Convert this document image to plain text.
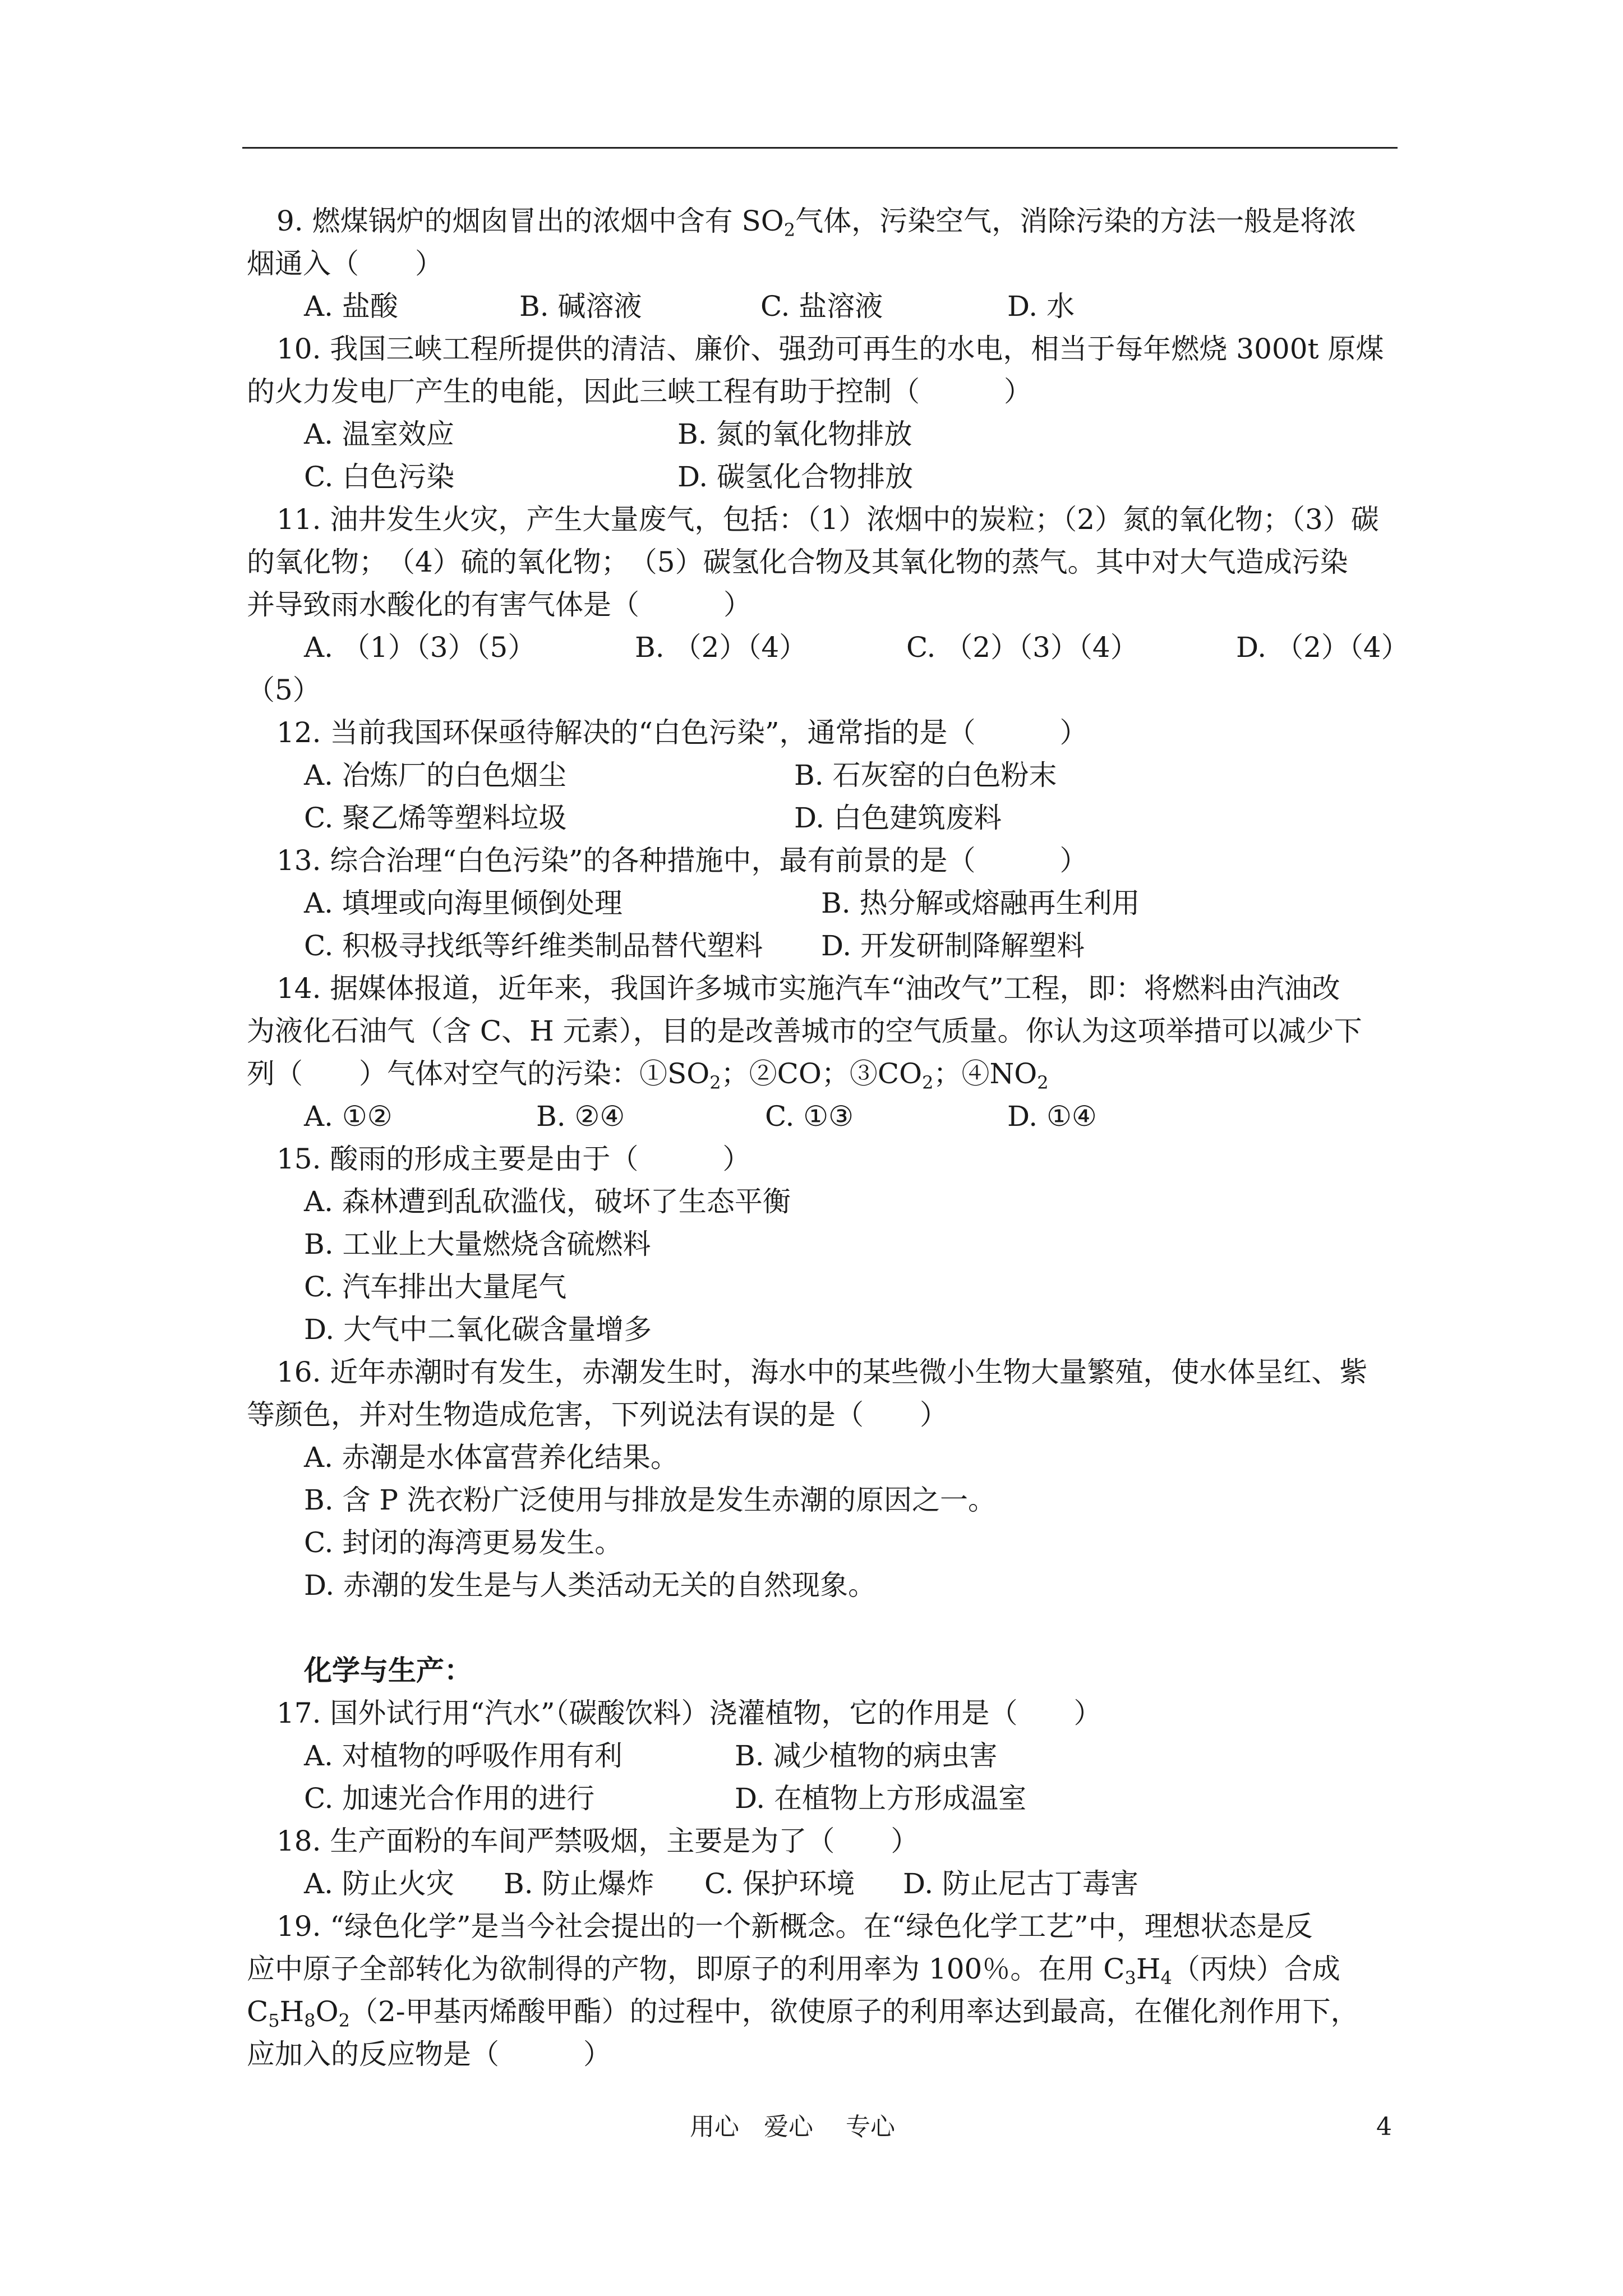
9. 燃煤锅炉的烟囱冒出的浓烟中含有 $SO_2$气体，污染空气，消除污染的方法一般是将浓
烟通入（　　）
A. 盐酸	B. 碱溶液	C. 盐溶液	D. 水
10. 我国三峡工程所提供的清洁、廉价、强劲可再生的水电，相当于每年燃烧 3000t 原煤
的火力发电厂产生的电能，因此三峡工程有助于控制（　　　）
A. 温室效应	B. 氮的氧化物排放
C. 白色污染	D. 碳氢化合物排放
11. 油井发生火灾，产生大量废气，包括：（1）浓烟中的炭粒；（2）氮的氧化物；（3）碳
的氧化物；　（4）硫的氧化物；　（5）碳氢化合物及其氧化物的蒸气。其中对大气造成污染
并导致雨水酸化的有害气体是（　　　）
A. （1）（3）（5）	B. （2）（4）	C. （2）（3）（4）	D. （2）（4）
（5）
12. 当前我国环保亟待解决的“白色污染”，通常指的是（　　　）
A. 冶炼厂的白色烟尘	B. 石灰窑的白色粉末
C. 聚乙烯等塑料垃圾	D. 白色建筑废料
13. 综合治理“白色污染”的各种措施中，最有前景的是（　　　）
A. 填埋或向海里倾倒处理	B. 热分解或熔融再生利用
C. 积极寻找纸等纤维类制品替代塑料 D. 开发研制降解塑料
14. 据媒体报道，近年来，我国许多城市实施汽车“油改气”工程，即：将燃料由汽油改
为液化石油气（含 C、H 元素），目的是改善城市的空气质量。你认为这项举措可以减少下
列（　　）气体对空气的污染：$①SO_2$；②CO；$③CO_2$；$④NO_2$
A. ①②	B. ②④	C. ①③	D. ①④
15. 酸雨的形成主要是由于（　　　）
A. 森林遭到乱砍滥伐，破坏了生态平衡
B. 工业上大量燃烧含硫燃料
C. 汽车排出大量尾气
D. 大气中二氧化碳含量增多
16. 近年赤潮时有发生，赤潮发生时，海水中的某些微小生物大量繁殖，使水体呈红、紫
等颜色，并对生物造成危害，下列说法有误的是（　　）
A. 赤潮是水体富营养化结果。
B. 含 P 洗衣粉广泛使用与排放是发生赤潮的原因之一。
C. 封闭的海湾更易发生。
D. 赤潮的发生是与人类活动无关的自然现象。
化学与生产：
17. 国外试行用“汽水”（碳酸饮料）浇灌植物，它的作用是（　　）
A. 对植物的呼吸作用有利	B. 减少植物的病虫害
C. 加速光合作用的进行	D. 在植物上方形成温室
18. 生产面粉的车间严禁吸烟，主要是为了（　　）
A. 防止火灾 B. 防止爆炸 C. 保护环境 D. 防止尼古丁毒害
19. “绿色化学”是当今社会提出的一个新概念。在“绿色化学工艺”中，理想状态是反
应中原子全部转化为欲制得的产物，即原子的利用率为 100％。在用 $C_3H_4$（丙炔）合成
$C_5H_8O_2(2-$甲基丙烯酸甲酯）的过程中，欲使原子的利用率达到最高，在催化剂作用下，
应加入的反应物是（　　　）
用心　爱心　 专心	4
